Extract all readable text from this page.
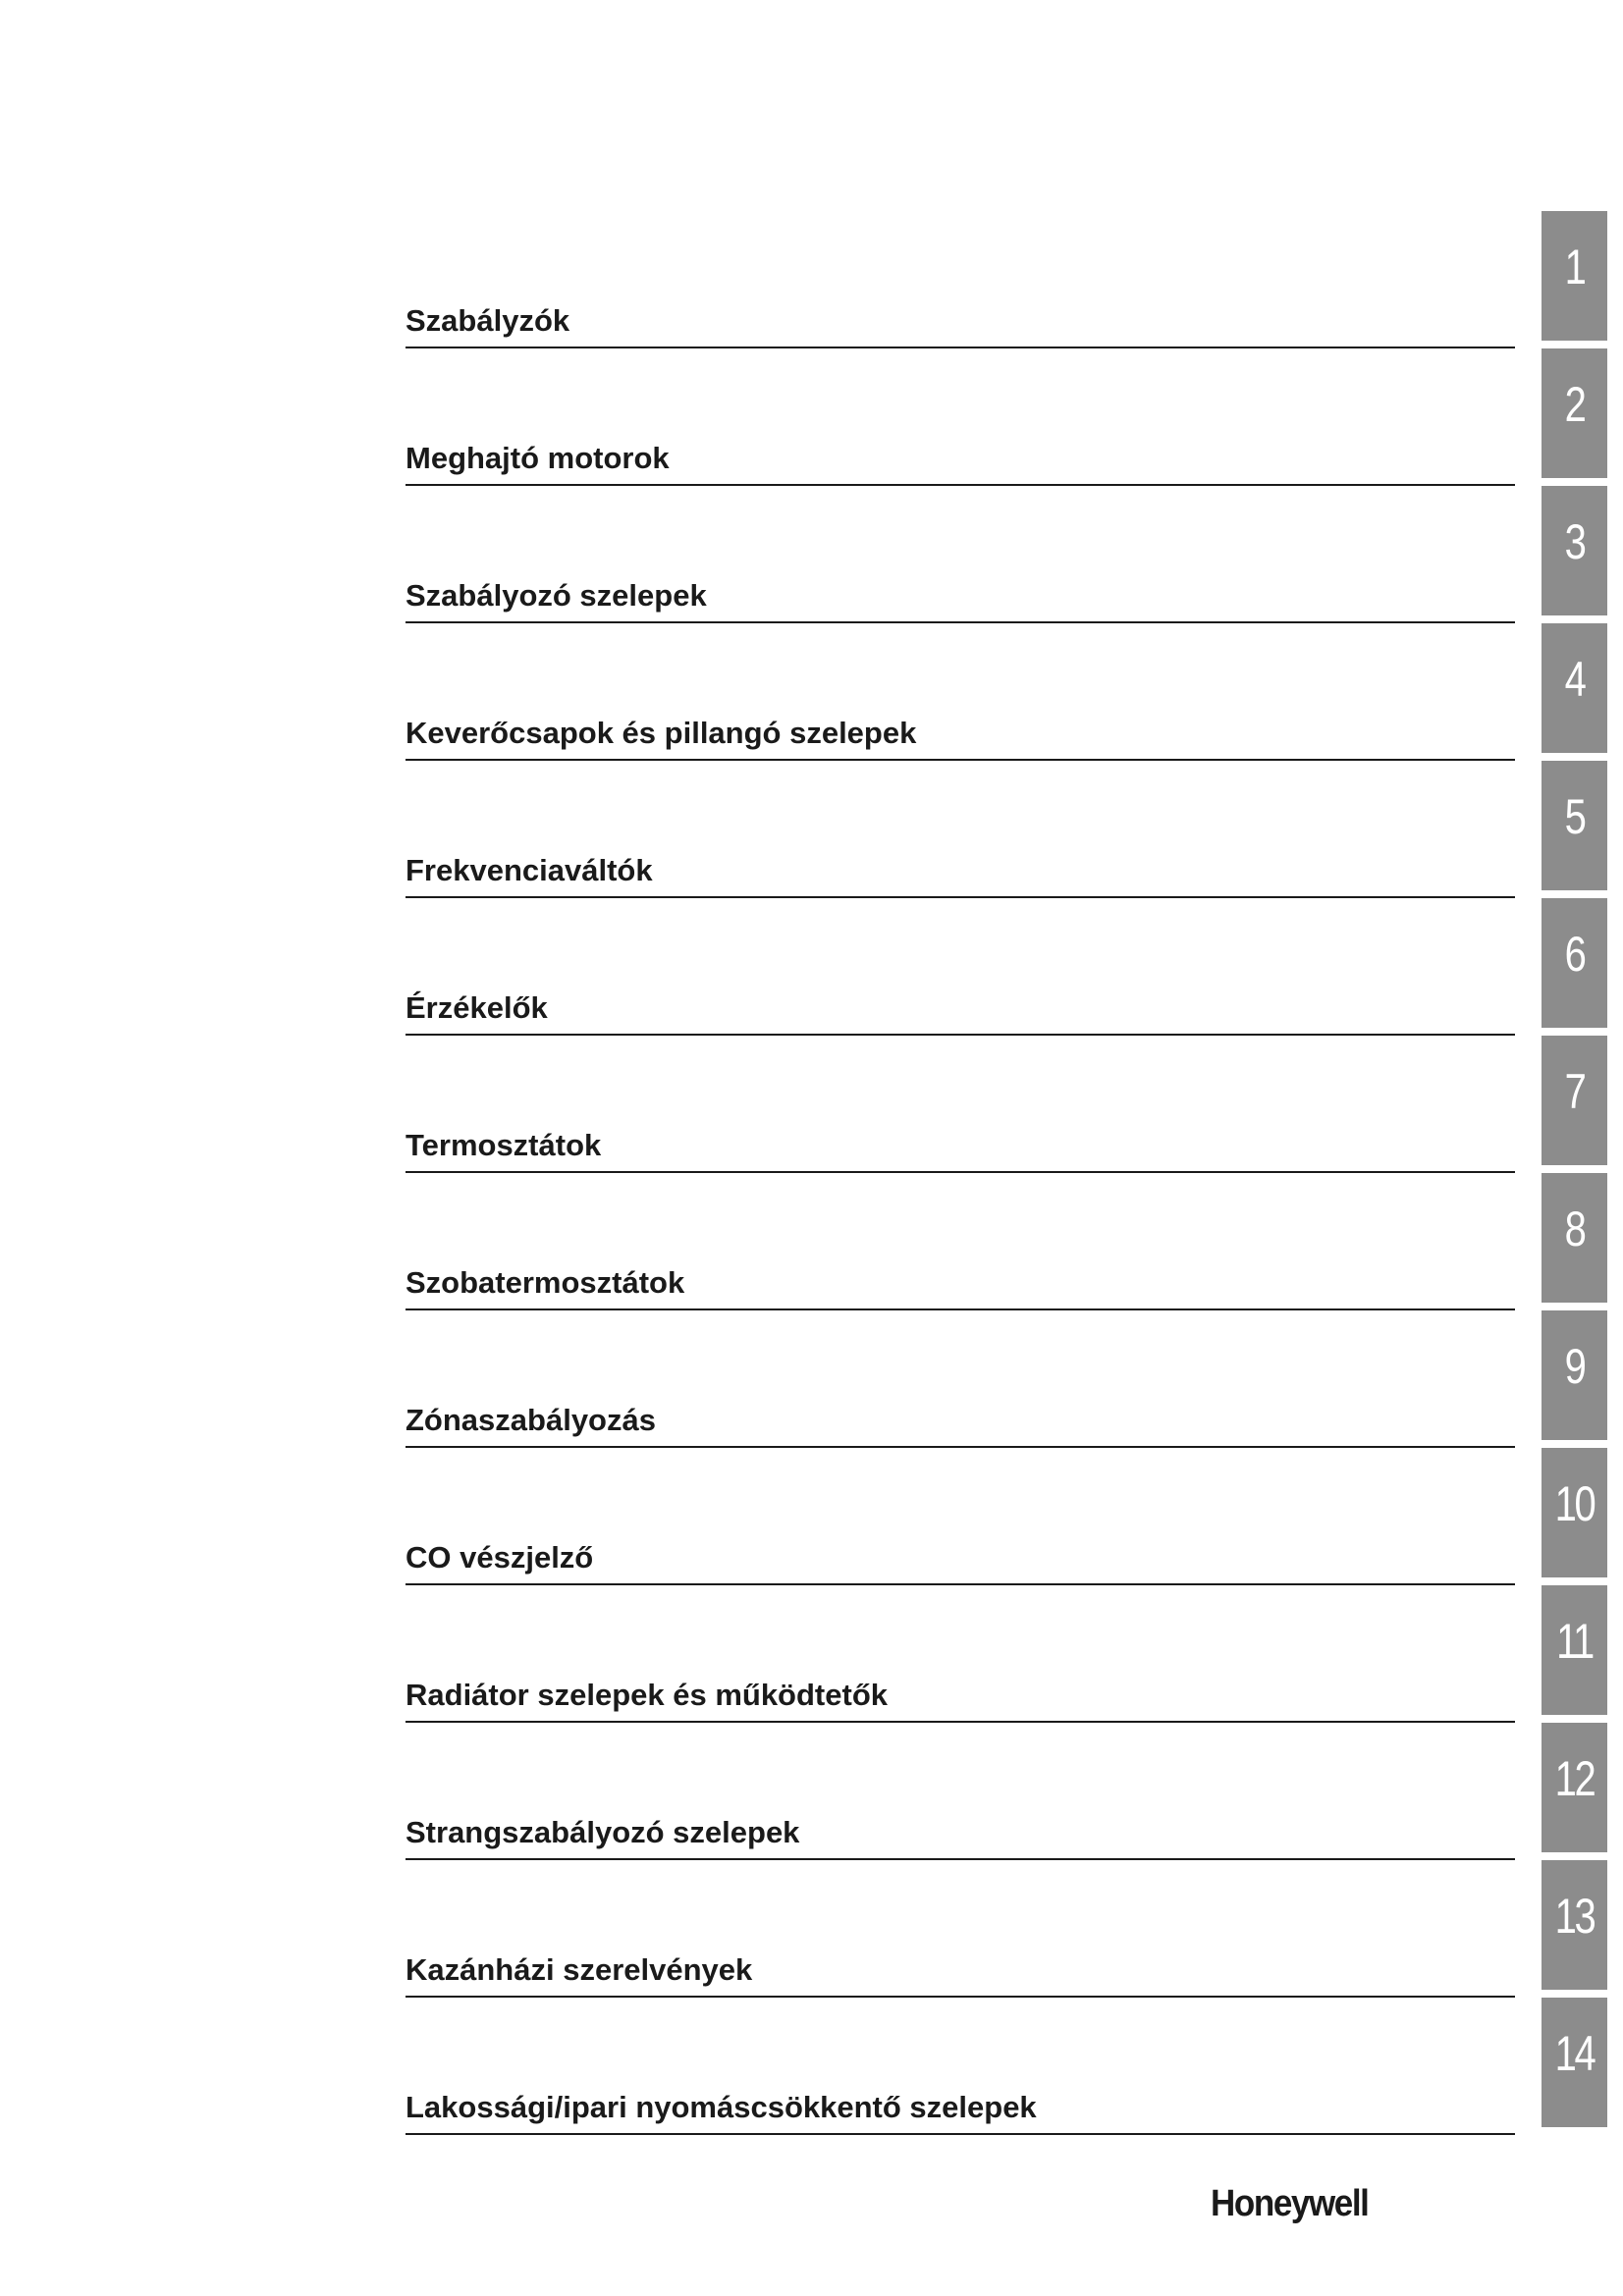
Szabályzók
Meghajtó motorok
Szabályozó szelepek
Keverőcsapok és pillangó szelepek
Frekvenciaváltók
Érzékelők
Termosztátok
Szobatermosztátok
Zónaszabályozás
CO vészjelző
Radiátor szelepek és működtetők
Strangszabályozó szelepek
Kazánházi szerelvények
Lakossági/ipari nyomáscsökkentő szelepek
1
2
3
4
5
6
7
8
9
10
11
12
13
14
Honeywell
